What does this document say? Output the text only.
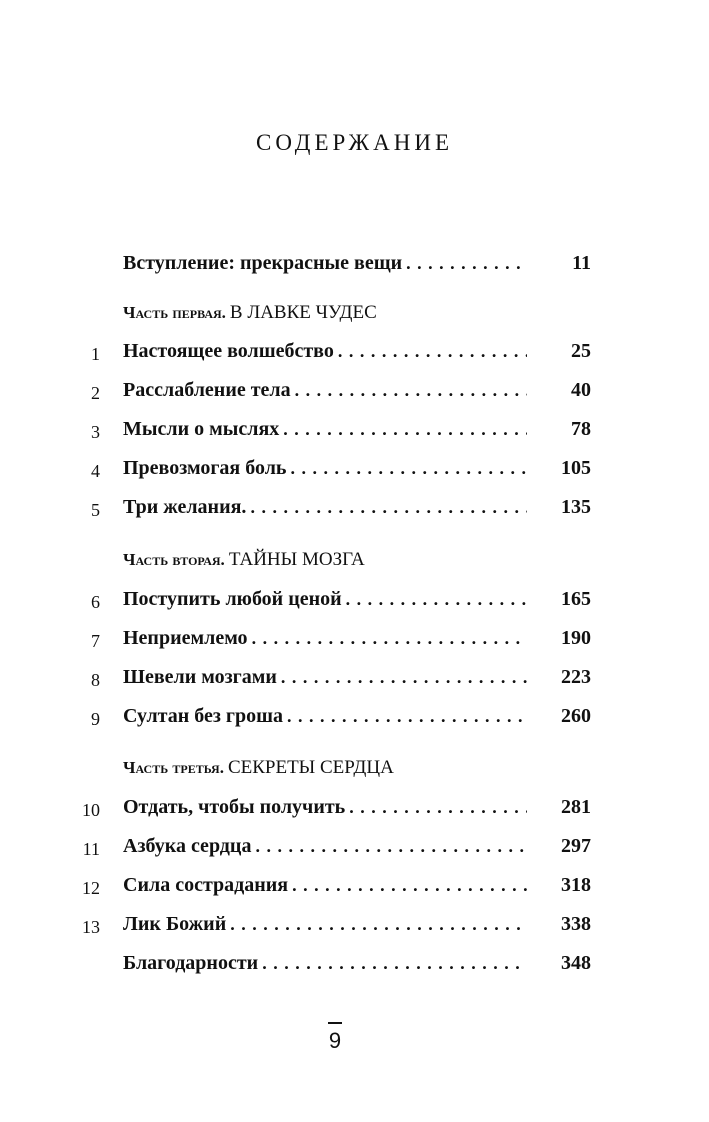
СОДЕРЖАНИЕ
Вступление: прекрасные вещи . . .	11
Часть первая. В ЛАВКЕ ЧУДЕС
1 Настоящее волшебство . . .	25
2 Расслабление тела . . .	40
3 Мысли о мыслях . . .	78
4 Превозмогая боль . . .	105
5 Три желания. . . .	135
Часть вторая. ТАЙНЫ МОЗГА
6 Поступить любой ценой . . .	165
7 Неприемлемо . . .	190
8 Шевели мозгами . . .	223
9 Султан без гроша . . .	260
Часть третья. СЕКРЕТЫ СЕРДЦА
10 Отдать, чтобы получить . . .	281
11 Азбука сердца . . .	297
12 Сила сострадания . . .	318
13 Лик Божий . . .	338
Благодарности . . .	348
9
